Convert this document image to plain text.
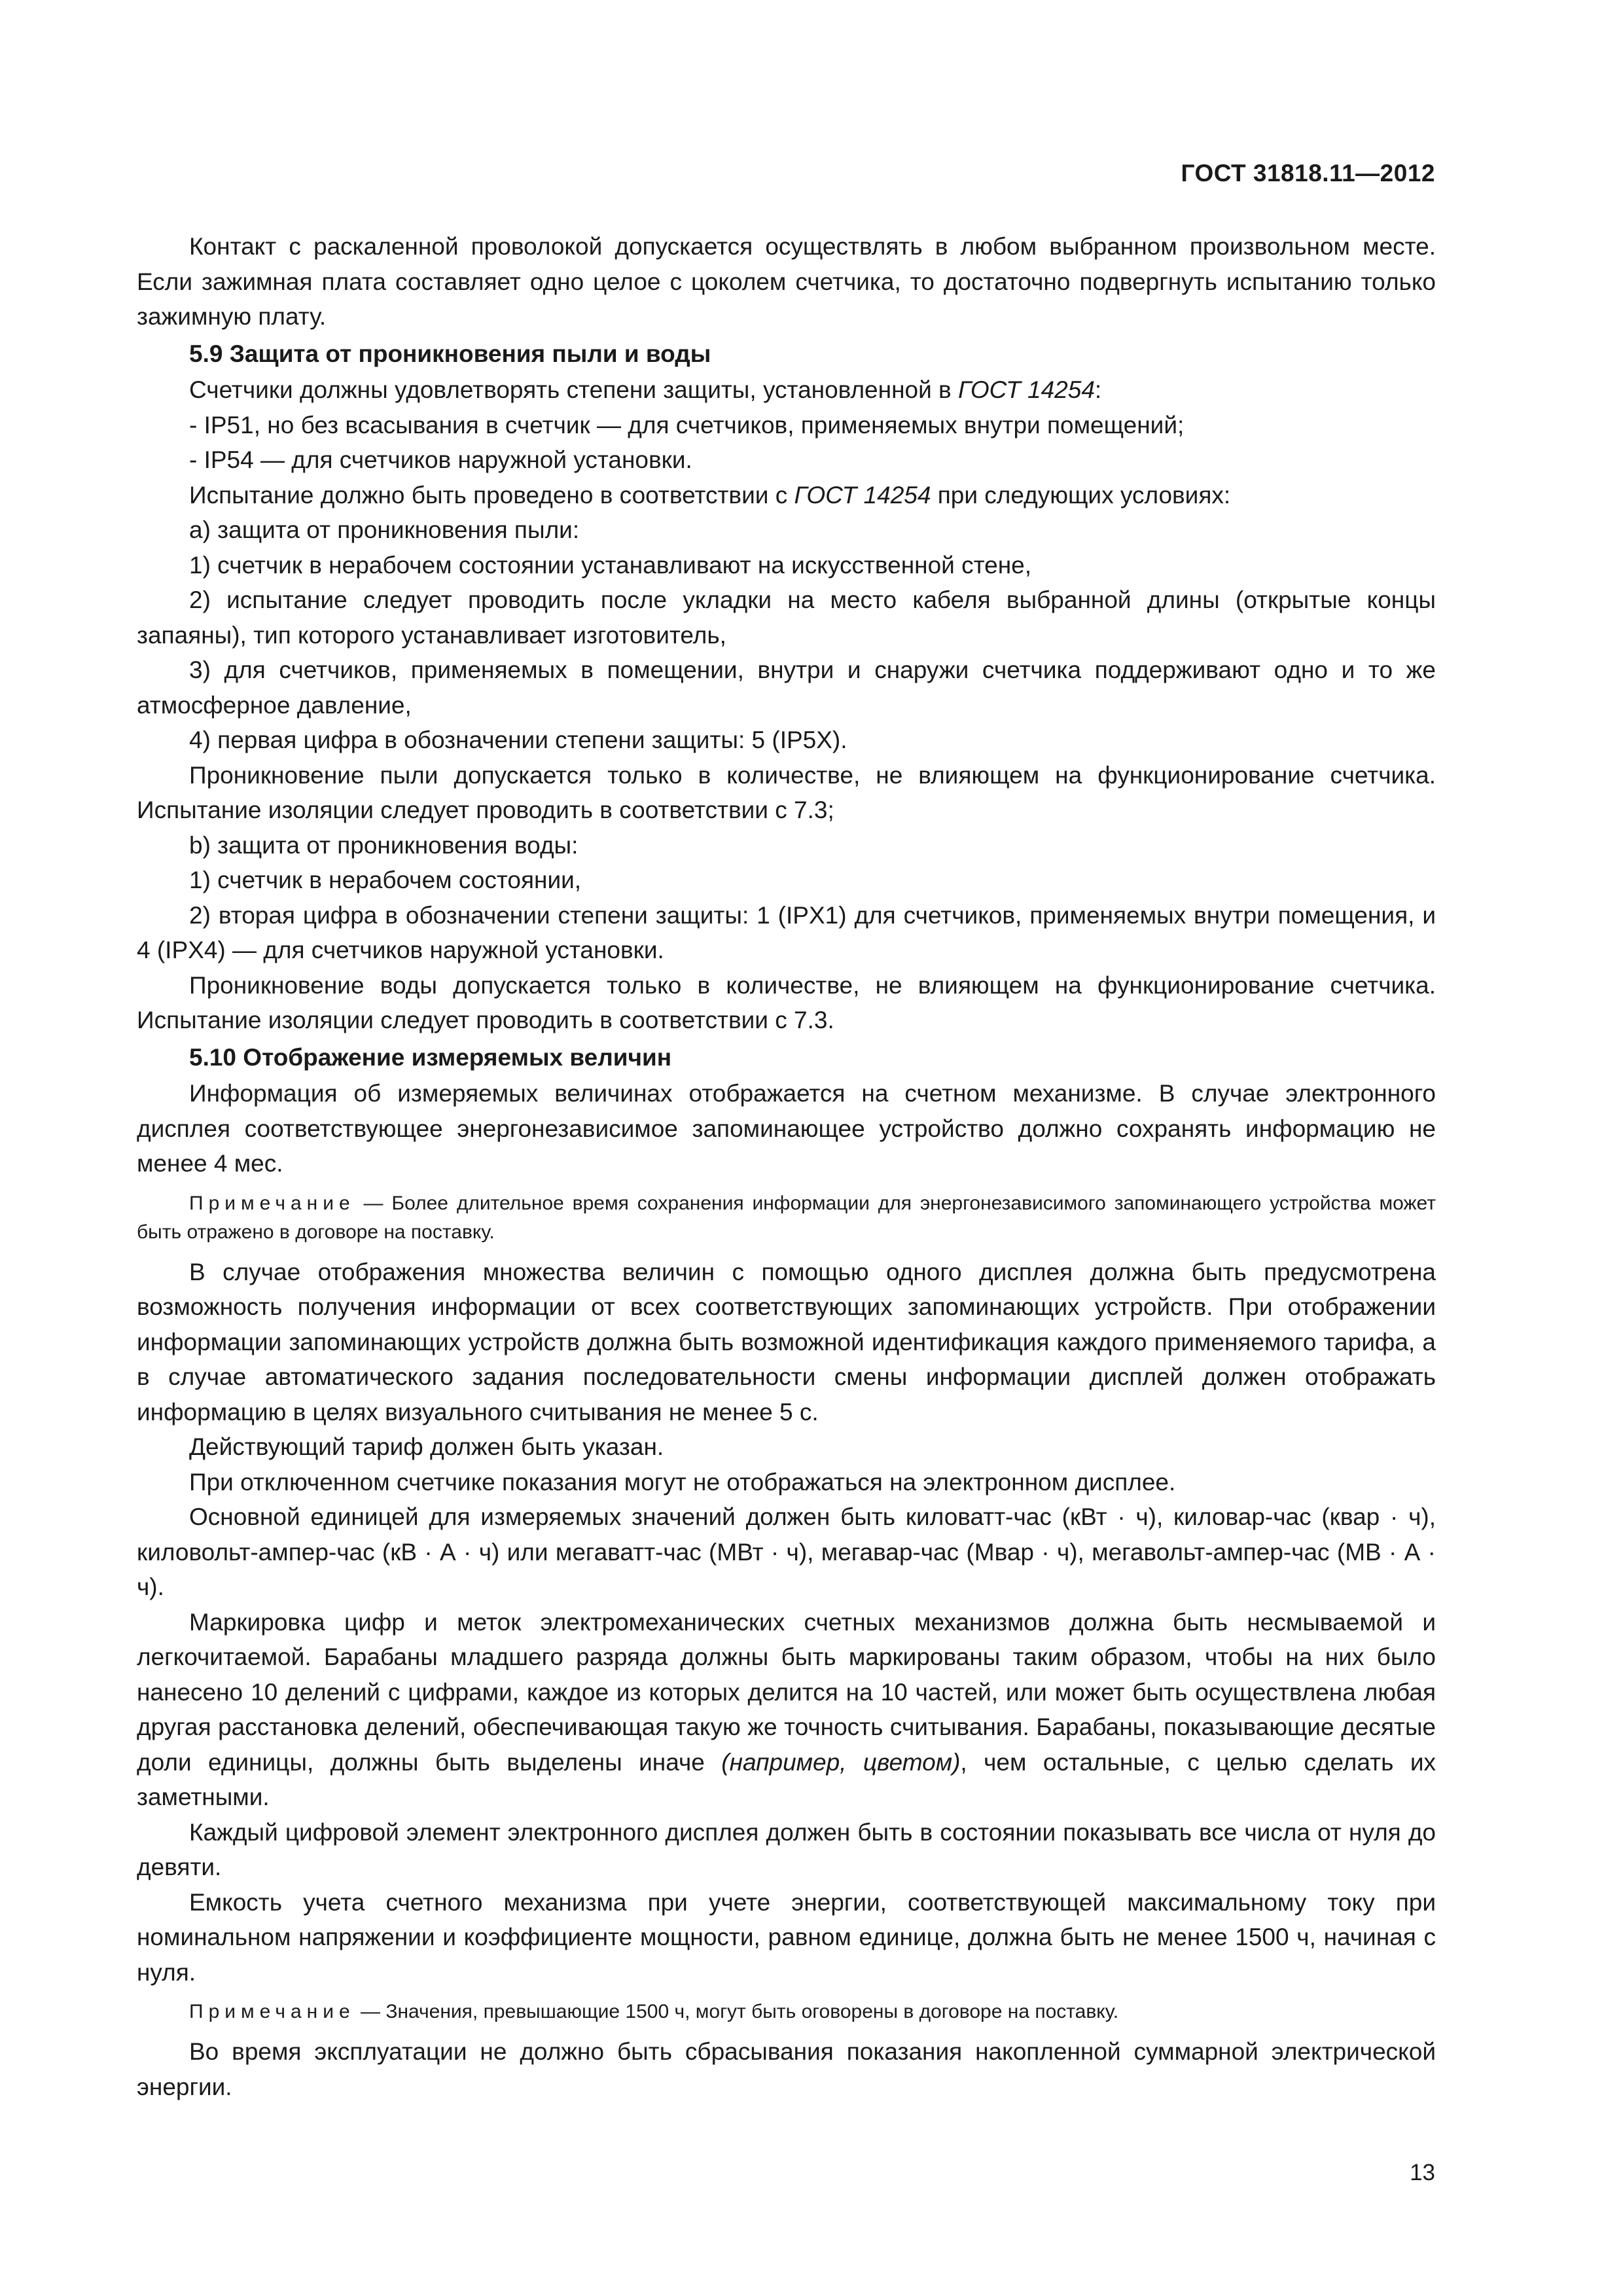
ГОСТ 31818.11—2012

Контакт с раскаленной проволокой допускается осуществлять в любом выбранном произвольном месте. Если зажимная плата составляет одно целое с цоколем счетчика, то достаточно подвергнуть испытанию только зажимную плату.

5.9 Защита от проникновения пыли и воды

Счетчики должны удовлетворять степени защиты, установленной в ГОСТ 14254:

- IP51, но без всасывания в счетчик — для счетчиков, применяемых внутри помещений;

- IP54 — для счетчиков наружной установки.

Испытание должно быть проведено в соответствии с ГОСТ 14254 при следующих условиях:

а) защита от проникновения пыли:

1) счетчик в нерабочем состоянии устанавливают на искусственной стене,

2) испытание следует проводить после укладки на место кабеля выбранной длины (открытые концы запаяны), тип которого устанавливает изготовитель,

3) для счетчиков, применяемых в помещении, внутри и снаружи счетчика поддерживают одно и то же атмосферное давление,

4) первая цифра в обозначении степени защиты: 5 (IP5X).

Проникновение пыли допускается только в количестве, не влияющем на функционирование счетчика. Испытание изоляции следует проводить в соответствии с 7.3;

b) защита от проникновения воды:

1) счетчик в нерабочем состоянии,

2) вторая цифра в обозначении степени защиты: 1 (IPX1) для счетчиков, применяемых внутри помещения, и 4 (IPX4) — для счетчиков наружной установки.

Проникновение воды допускается только в количестве, не влияющем на функционирование счетчика. Испытание изоляции следует проводить в соответствии с 7.3.

5.10 Отображение измеряемых величин

Информация об измеряемых величинах отображается на счетном механизме. В случае электронного дисплея соответствующее энергонезависимое запоминающее устройство должно сохранять информацию не менее 4 мес.

Примечание — Более длительное время сохранения информации для энергонезависимого запоминающего устройства может быть отражено в договоре на поставку.

В случае отображения множества величин с помощью одного дисплея должна быть предусмотрена возможность получения информации от всех соответствующих запоминающих устройств. При отображении информации запоминающих устройств должна быть возможной идентификация каждого применяемого тарифа, а в случае автоматического задания последовательности смены информации дисплей должен отображать информацию в целях визуального считывания не менее 5 с.

Действующий тариф должен быть указан.

При отключенном счетчике показания могут не отображаться на электронном дисплее.

Основной единицей для измеряемых значений должен быть киловатт-час (кВт · ч), киловар-час (квар · ч), киловольт-ампер-час (кВ · А · ч) или мегаватт-час (МВт · ч), мегавар-час (Мвар · ч), мегавольт-ампер-час (МВ · А · ч).

Маркировка цифр и меток электромеханических счетных механизмов должна быть несмываемой и легкочитаемой. Барабаны младшего разряда должны быть маркированы таким образом, чтобы на них было нанесено 10 делений с цифрами, каждое из которых делится на 10 частей, или может быть осуществлена любая другая расстановка делений, обеспечивающая такую же точность считывания. Барабаны, показывающие десятые доли единицы, должны быть выделены иначе (например, цветом), чем остальные, с целью сделать их заметными.

Каждый цифровой элемент электронного дисплея должен быть в состоянии показывать все числа от нуля до девяти.

Емкость учета счетного механизма при учете энергии, соответствующей максимальному току при номинальном напряжении и коэффициенте мощности, равном единице, должна быть не менее 1500 ч, начиная с нуля.

Примечание — Значения, превышающие 1500 ч, могут быть оговорены в договоре на поставку.

Во время эксплуатации не должно быть сбрасывания показания накопленной суммарной электрической энергии.

13
